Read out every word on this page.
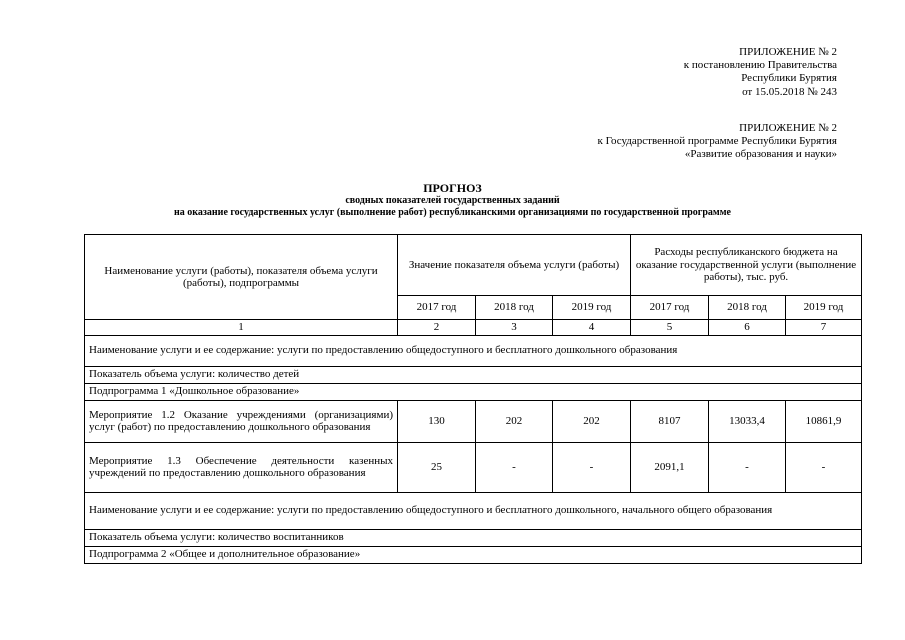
ПРИЛОЖЕНИЕ № 2
к постановлению Правительства
Республики Бурятия
от 15.05.2018 № 243
ПРИЛОЖЕНИЕ № 2
к Государственной программе Республики Бурятия
«Развитие образования и науки»
ПРОГНОЗ
сводных показателей государственных заданий
на оказание государственных услуг (выполнение работ) республиканскими организациями по государственной программе
Наименование услуги (работы), показателя объема услуги (работы), подпрограммы	Значение показателя объема услуги (работы)			Расходы республиканского бюджета на оказание государственной услуги (выполнение работы), тыс. руб.		
	2017 год	2018 год	2019 год	2017 год	2018 год	2019 год
1	2	3	4	5	6	7
Наименование услуги и ее содержание: услуги по предоставлению общедоступного и бесплатного дошкольного образования						
Показатель объема услуги: количество детей						
Подпрограмма 1 «Дошкольное образование»						
Мероприятие 1.2 Оказание учреждениями (организациями) услуг (работ) по предоставлению дошкольного образования	130	202	202	8107	13033,4	10861,9
Мероприятие 1.3 Обеспечение деятельности казенных учреждений по предоставлению дошкольного образования	25	-	-	2091,1	-	-
Наименование услуги и ее содержание: услуги по предоставлению общедоступного и бесплатного дошкольного, начального общего образования						
Показатель объема услуги: количество воспитанников						
Подпрограмма 2 «Общее и дополнительное образование»						
